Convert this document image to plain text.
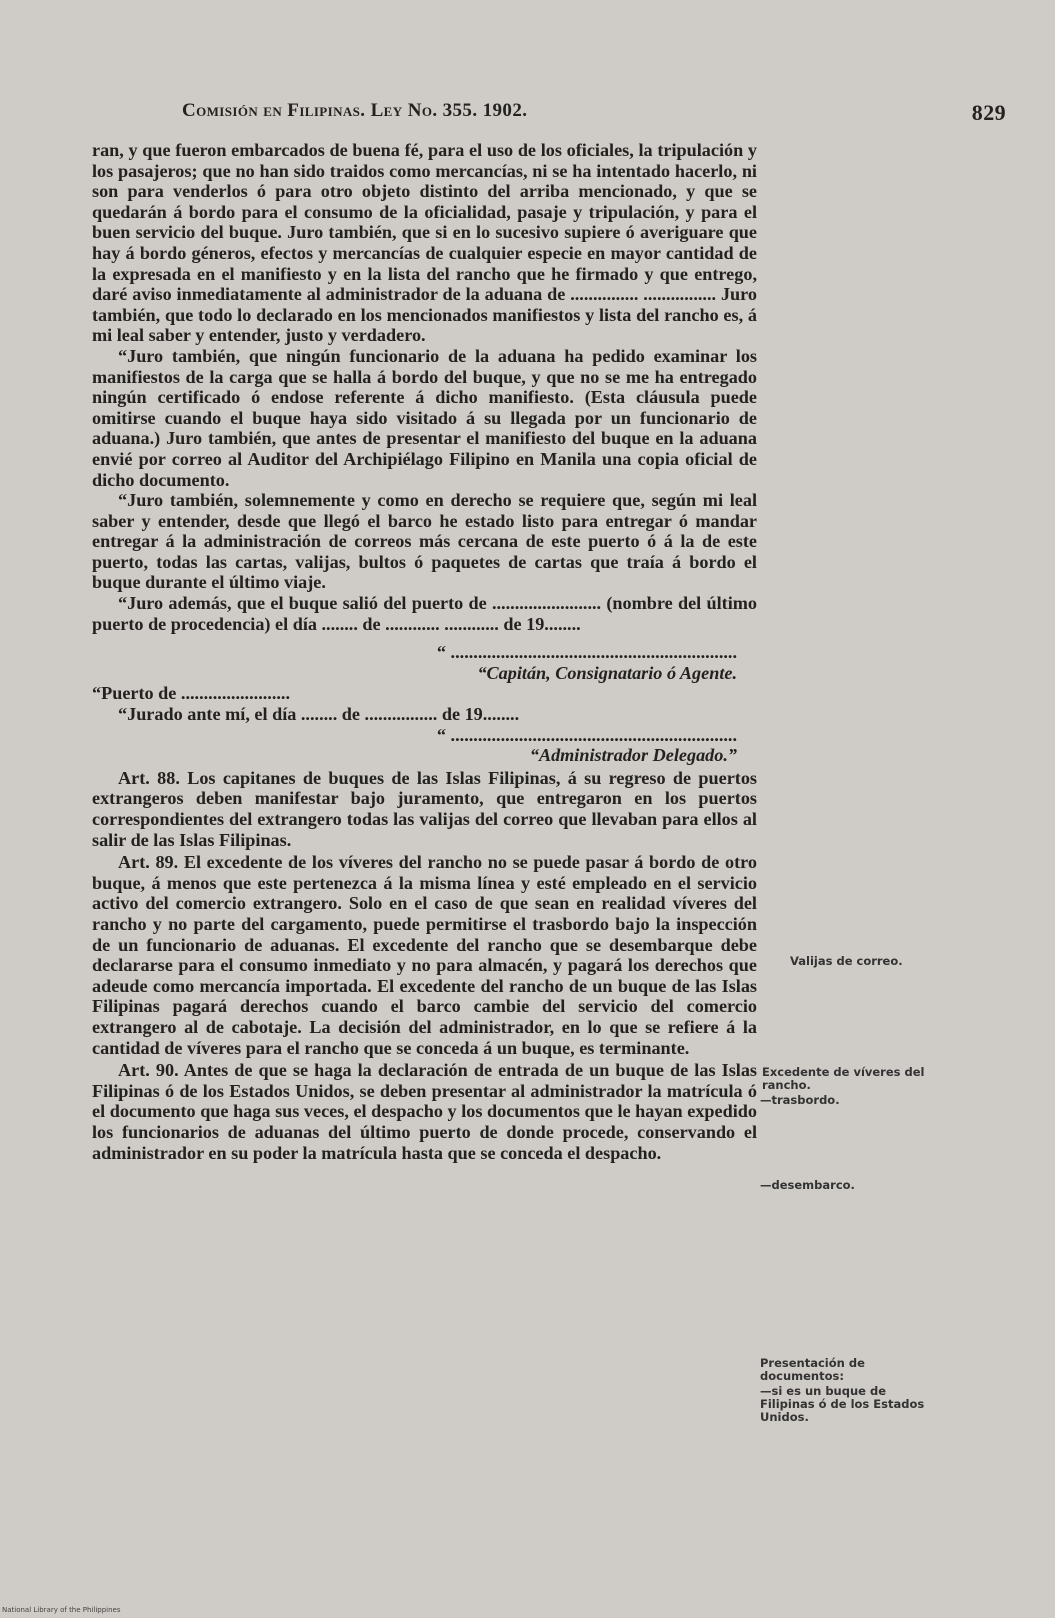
Comisión en Filipinas. Ley No. 355. 1902.	829

ran, y que fueron embarcados de buena fé, para el uso de los oficiales, la tripulación y los pasajeros; que no han sido traidos como mercancías, ni se ha intentado hacerlo, ni son para venderlos ó para otro objeto distinto del arriba mencionado, y que se quedarán á bordo para el consumo de la oficialidad, pasaje y tripulación, y para el buen servicio del buque. Juro también, que si en lo sucesivo supiere ó averiguare que hay á bordo géneros, efectos y mercancías de cualquier especie en mayor cantidad de la expresada en el manifiesto y en la lista del rancho que he firmado y que entrego, daré aviso inmediatamente al administrador de la aduana de ............... ................ Juro también, que todo lo declarado en los mencionados manifiestos y lista del rancho es, á mi leal saber y entender, justo y verdadero.

“Juro también, que ningún funcionario de la aduana ha pedido examinar los manifiestos de la carga que se halla á bordo del buque, y que no se me ha entregado ningún certificado ó endose referente á dicho manifiesto. (Esta cláusula puede omitirse cuando el buque haya sido visitado á su llegada por un funcionario de aduana.) Juro también, que antes de presentar el manifiesto del buque en la aduana envié por correo al Auditor del Archipiélago Filipino en Manila una copia oficial de dicho documento.

“Juro también, solemnemente y como en derecho se requiere que, según mi leal saber y entender, desde que llegó el barco he estado listo para entregar ó mandar entregar á la administración de correos más cercana de este puerto ó á la de este puerto, todas las cartas, valijas, bultos ó paquetes de cartas que traía á bordo el buque durante el último viaje.

“Juro además, que el buque salió del puerto de ........................ (nombre del último puerto de procedencia) el día ........ de ............ ............ de 19........

“ ...............................................................

“Capitán, Consignatario ó Agente.

“Puerto de ........................

“Jurado ante mí, el día ........ de ................ de 19........

“ ...............................................................

“Administrador Delegado.”

Art. 88. Los capitanes de buques de las Islas Filipinas, á su regreso de puertos extrangeros deben manifestar bajo juramento, que entregaron en los puertos correspondientes del extrangero todas las valijas del correo que llevaban para ellos al salir de las Islas Filipinas.

Art. 89. El excedente de los víveres del rancho no se puede pasar á bordo de otro buque, á menos que este pertenezca á la misma línea y esté empleado en el servicio activo del comercio extrangero. Solo en el caso de que sean en realidad víveres del rancho y no parte del cargamento, puede permitirse el trasbordo bajo la inspección de un funcionario de aduanas. El excedente del rancho que se desembarque debe declararse para el consumo inmediato y no para almacén, y pagará los derechos que adeude como mercancía importada. El excedente del rancho de un buque de las Islas Filipinas pagará derechos cuando el barco cambie del servicio del comercio extrangero al de cabotaje. La decisión del administrador, en lo que se refiere á la cantidad de víveres para el rancho que se conceda á un buque, es terminante.

Art. 90. Antes de que se haga la declaración de entrada de un buque de las Islas Filipinas ó de los Estados Unidos, se deben presentar al administrador la matrícula ó el documento que haga sus veces, el despacho y los documentos que le hayan expedido los funcionarios de aduanas del último puerto de donde procede, conservando el administrador en su poder la matrícula hasta que se conceda el despacho.

Valijas de correo.
Excedente de víveres del rancho.
—trasbordo.
—desembarco.
Presentación de documentos:
—si es un buque de Filipinas ó de los Estados Unidos.
National Library of the Philippines
